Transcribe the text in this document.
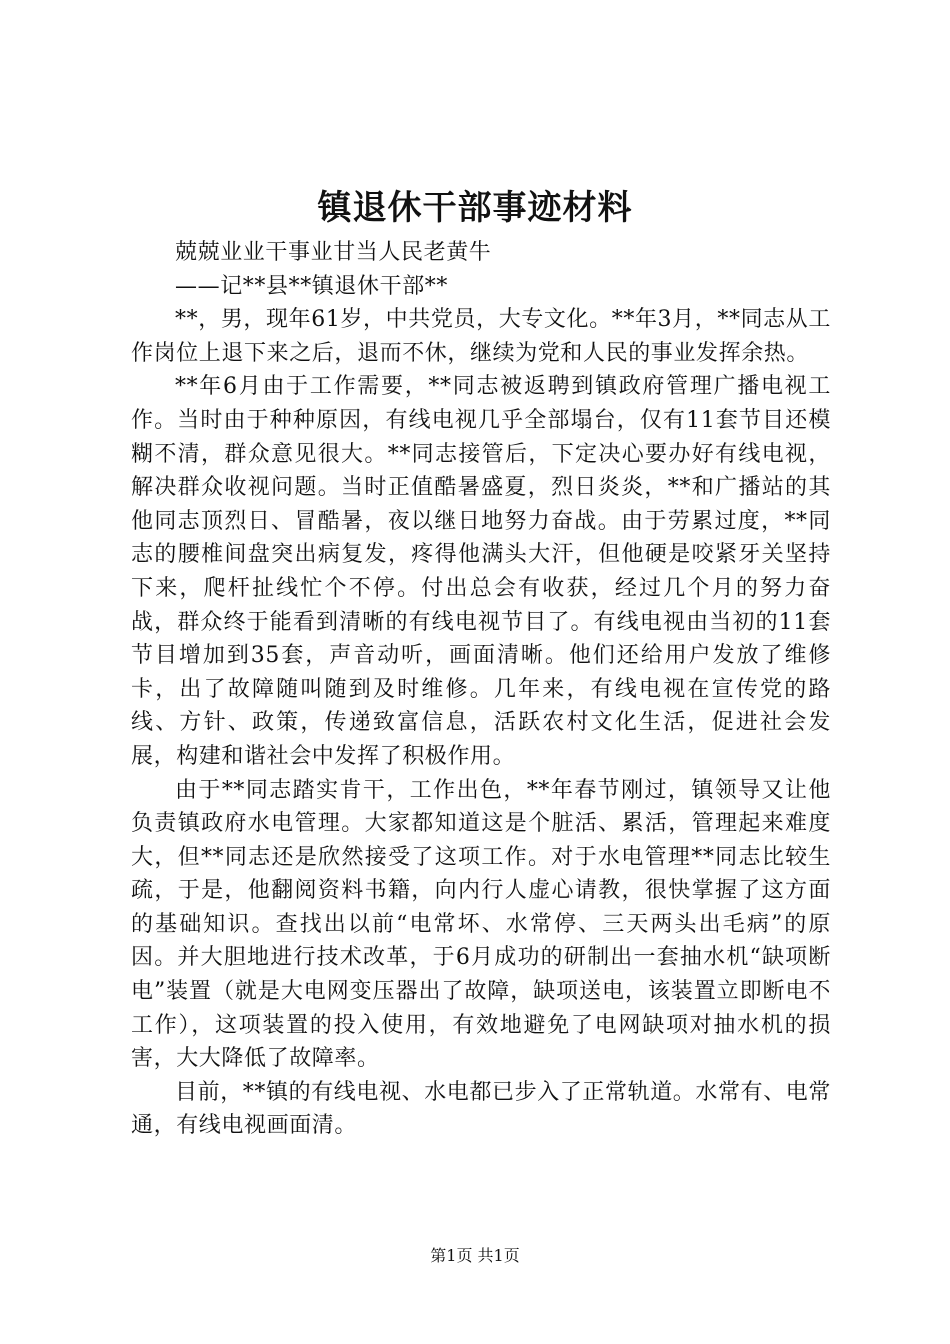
镇退休干部事迹材料

兢兢业业干事业甘当人民老黄牛

——记**县**镇退休干部**

**，男，现年61岁，中共党员，大专文化。**年3月，**同志从工作岗位上退下来之后，退而不休，继续为党和人民的事业发挥余热。

**年6月由于工作需要，**同志被返聘到镇政府管理广播电视工作。当时由于种种原因，有线电视几乎全部塌台，仅有11套节目还模糊不清，群众意见很大。**同志接管后，下定决心要办好有线电视，解决群众收视问题。当时正值酷暑盛夏，烈日炎炎，**和广播站的其他同志顶烈日、冒酷暑，夜以继日地努力奋战。由于劳累过度，**同志的腰椎间盘突出病复发，疼得他满头大汗，但他硬是咬紧牙关坚持下来，爬杆扯线忙个不停。付出总会有收获，经过几个月的努力奋战，群众终于能看到清晰的有线电视节目了。有线电视由当初的11套节目增加到35套，声音动听，画面清晰。他们还给用户发放了维修卡，出了故障随叫随到及时维修。几年来，有线电视在宣传党的路线、方针、政策，传递致富信息，活跃农村文化生活，促进社会发展，构建和谐社会中发挥了积极作用。

由于**同志踏实肯干，工作出色，**年春节刚过，镇领导又让他负责镇政府水电管理。大家都知道这是个脏活、累活，管理起来难度大，但**同志还是欣然接受了这项工作。对于水电管理**同志比较生疏，于是，他翻阅资料书籍，向内行人虚心请教，很快掌握了这方面的基础知识。查找出以前“电常坏、水常停、三天两头出毛病”的原因。并大胆地进行技术改革，于6月成功的研制出一套抽水机“缺项断电”装置（就是大电网变压器出了故障，缺项送电，该装置立即断电不工作），这项装置的投入使用，有效地避免了电网缺项对抽水机的损害，大大降低了故障率。

目前，**镇的有线电视、水电都已步入了正常轨道。水常有、电常通，有线电视画面清。

第1页 共1页
